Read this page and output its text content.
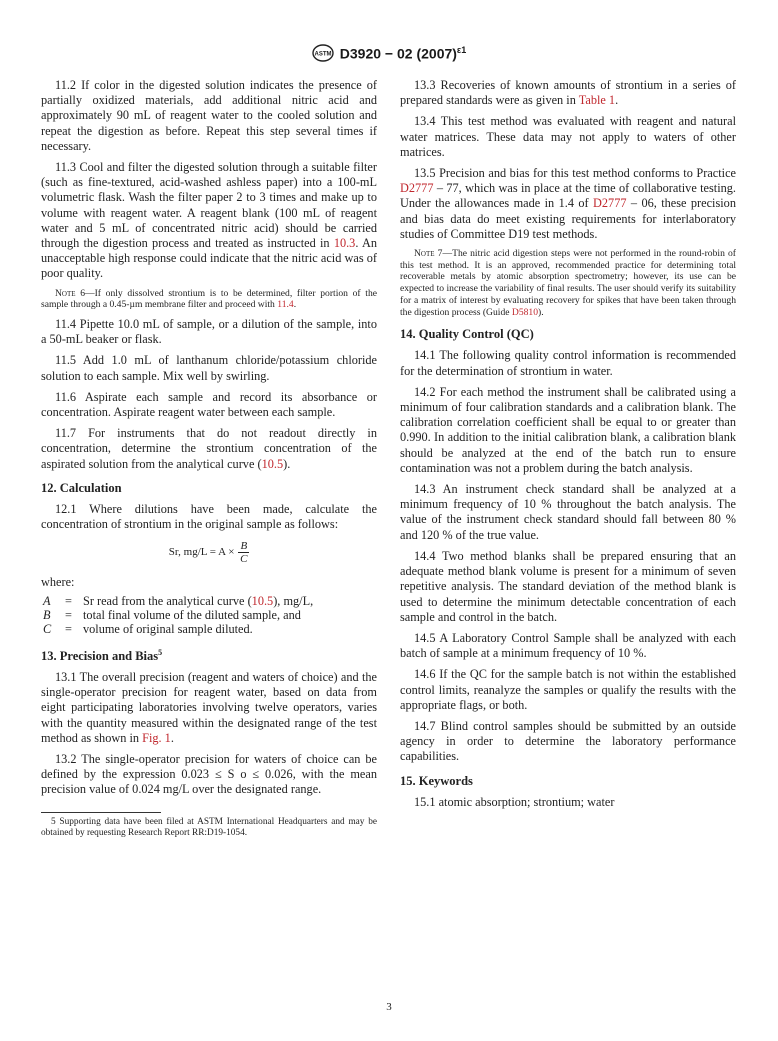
ASTM D3920 − 02 $(2007)^{\varepsilon 1}$

11.2 If color in the digested solution indicates the presence of partially oxidized materials, add additional nitric acid and approximately 90 mL of reagent water to the cooled solution and repeat the digestion as before. Repeat this step several times if necessary.

11.3 Cool and filter the digested solution through a suitable filter (such as fine-textured, acid-washed ashless paper) into a 100-mL volumetric flask. Wash the filter paper 2 to 3 times and make up to volume with reagent water. A reagent blank (100 mL of reagent water and 5 mL of concentrated nitric acid) should be carried through the digestion process and treated as instructed in 10.3. An unacceptable high response could indicate that the nitric acid was of poor quality.

Note 6—If only dissolved strontium is to be determined, filter portion of the sample through a 0.45-µm membrane filter and proceed with 11.4.

11.4 Pipette 10.0 mL of sample, or a dilution of the sample, into a 50-mL beaker or flask.

11.5 Add 1.0 mL of lanthanum chloride/potassium chloride solution to each sample. Mix well by swirling.

11.6 Aspirate each sample and record its absorbance or concentration. Aspirate reagent water between each sample.

11.7 For instruments that do not readout directly in concentration, determine the strontium concentration of the aspirated solution from the analytical curve (10.5).

12. Calculation

12.1 Where dilutions have been made, calculate the concentration of strontium in the original sample as follows:

Sr, $mg/L = A \times \frac{B}{C}$
where:
A	= Sr read from the analytical curve (10.5), mg/L,
B	= total final volume of the diluted sample, and
C	= volume of original sample diluted.
13. Precision and Bias$^5$

13.1 The overall precision (reagent and waters of choice) and the single-operator precision for reagent water, based on data from eight participating laboratories involving twelve operators, varies with the quantity measured within the designated range of the test method as shown in Fig. 1.

13.2 The single-operator precision for waters of choice can be defined by the expression 0.023 ≤ S o ≤ 0.026, with the mean precision value of 0.024 mg/L over the designated range.

5 Supporting data have been filed at ASTM International Headquarters and may be obtained by requesting Research Report RR:D19-1054.

13.3 Recoveries of known amounts of strontium in a series of prepared standards were as given in Table 1.

13.4 This test method was evaluated with reagent and natural water matrices. These data may not apply to waters of other matrices.

13.5 Precision and bias for this test method conforms to Practice D2777 – 77, which was in place at the time of collaborative testing. Under the allowances made in 1.4 of D2777 – 06, these precision and bias data do meet existing requirements for interlaboratory studies of Committee D19 test methods.

Note 7—The nitric acid digestion steps were not performed in the round-robin of this test method. It is an approved, recommended practice for determining total recoverable metals by atomic absorption spectrometry; however, its use can be expected to increase the variability of final results. The user should verify its suitability for a matrix of interest by evaluating recovery for spikes that have been taken through the digestion process (Guide D5810).
14. Quality Control (QC)

14.1 The following quality control information is recommended for the determination of strontium in water.

14.2 For each method the instrument shall be calibrated using a minimum of four calibration standards and a calibration blank. The calibration correlation coefficient shall be equal to or greater than 0.990. In addition to the initial calibration blank, a calibration blank should be analyzed at the end of the batch run to ensure contamination was not a problem during the batch analysis.

14.3 An instrument check standard shall be analyzed at a minimum frequency of 10 % throughout the batch analysis. The value of the instrument check standard should fall between 80 % and 120 % of the true value.

14.4 Two method blanks shall be prepared ensuring that an adequate method blank volume is present for a minimum of seven repetitive analysis. The standard deviation of the method blank is used to determine the minimum detectable concentration of each sample and control in the batch.

14.5 A Laboratory Control Sample shall be analyzed with each batch of sample at a minimum frequency of 10 %.

14.6 If the QC for the sample batch is not within the established control limits, reanalyze the samples or qualify the results with the appropriate flags, or both.

14.7 Blind control samples should be submitted by an outside agency in order to determine the laboratory performance capabilities.

15. Keywords

15.1 atomic absorption; strontium; water

3
